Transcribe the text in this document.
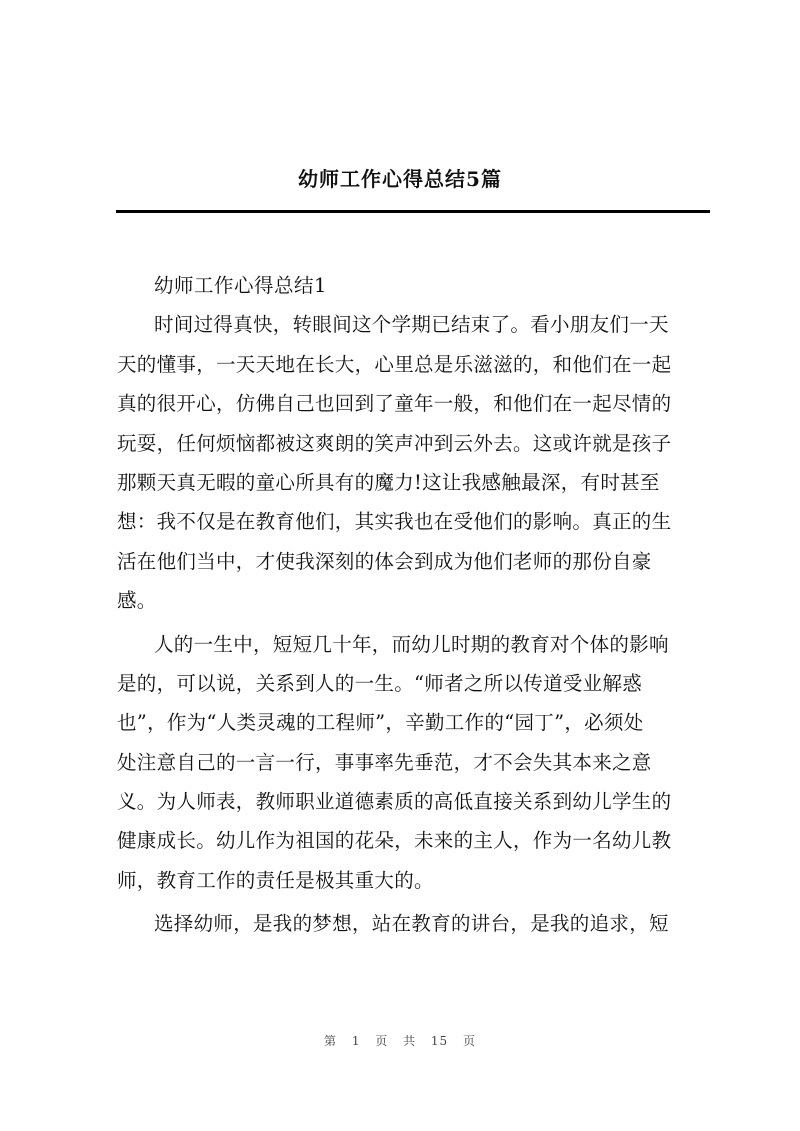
幼师工作心得总结5篇
幼师工作心得总结1
时间过得真快，转眼间这个学期已结束了。看小朋友们一天
天的懂事，一天天地在长大，心里总是乐滋滋的，和他们在一起
真的很开心，仿佛自己也回到了童年一般，和他们在一起尽情的
玩耍，任何烦恼都被这爽朗的笑声冲到云外去。这或许就是孩子
那颗天真无暇的童心所具有的魔力!这让我感触最深，有时甚至
想：我不仅是在教育他们，其实我也在受他们的影响。真正的生
活在他们当中，才使我深刻的体会到成为他们老师的那份自豪
感。
人的一生中，短短几十年，而幼儿时期的教育对个体的影响
是的，可以说，关系到人的一生。“师者之所以传道受业解惑
也”，作为“人类灵魂的工程师”，辛勤工作的“园丁”，必须处
处注意自己的一言一行，事事率先垂范，才不会失其本来之意
义。为人师表，教师职业道德素质的高低直接关系到幼儿学生的
健康成长。幼儿作为祖国的花朵，未来的主人，作为一名幼儿教
师，教育工作的责任是极其重大的。
选择幼师，是我的梦想，站在教育的讲台，是我的追求，短
第 1 页 共 15 页
